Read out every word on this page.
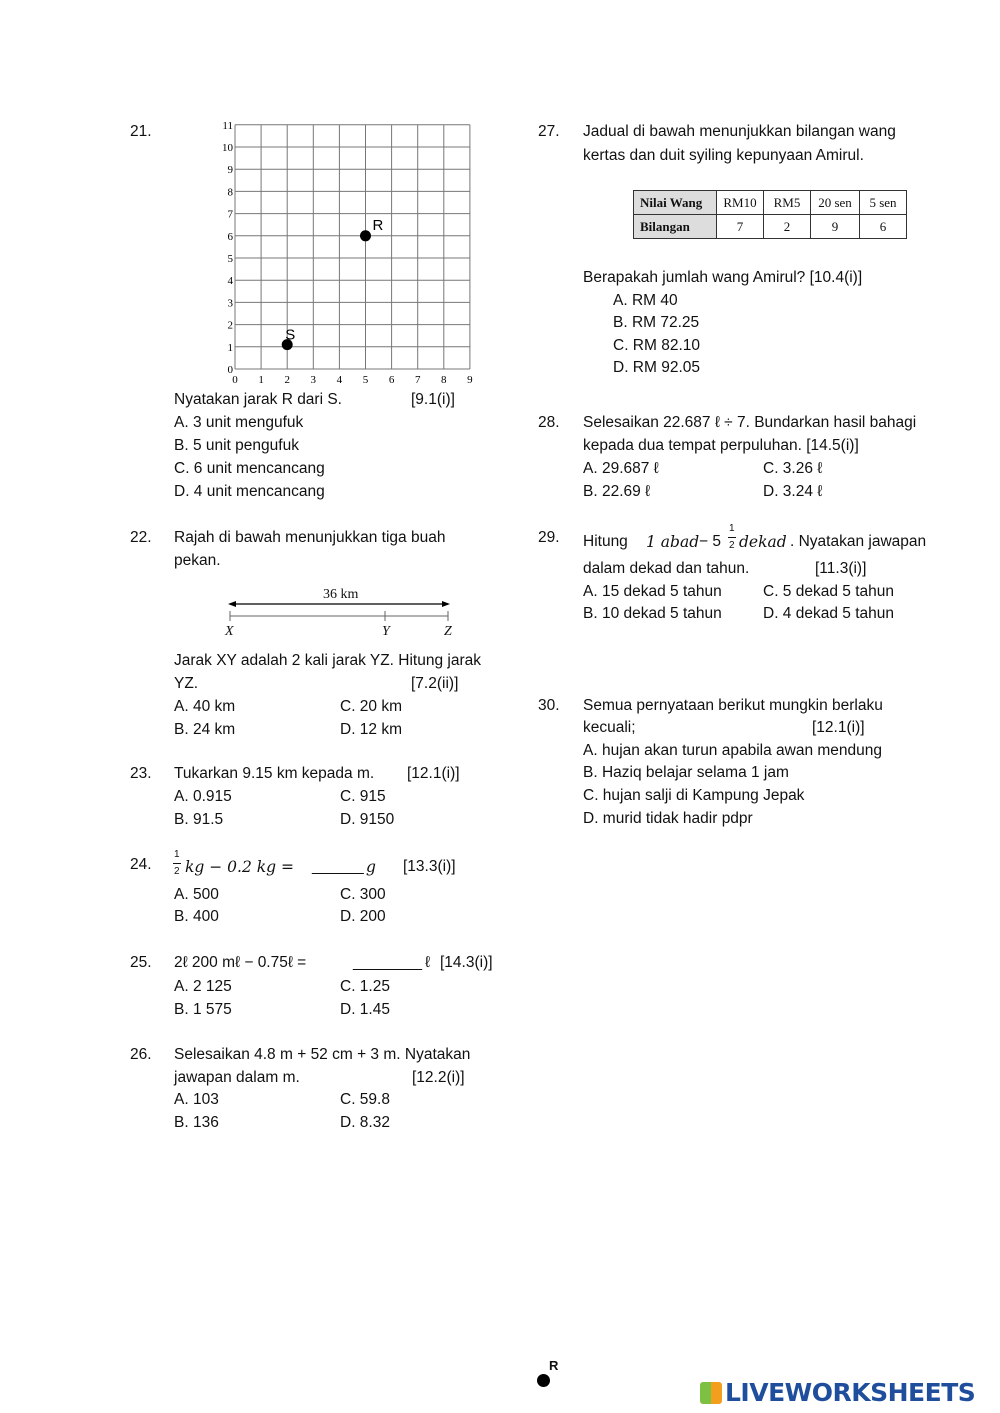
21.
0 1 2 3 4 5 6 7 8 9
0
1
2
3
4
5
6
7
8
9
10
11
R
S
Nyatakan jarak R dari S.	[9.1(i)]
A. 3 unit mengufuk
B. 5 unit pengufuk
C. 6 unit mencancang
D. 4 unit mencancang
22. Rajah di bawah menunjukkan tiga buah
pekan.
36 km
X	Y	Z
Jarak XY adalah 2 kali jarak YZ. Hitung jarak
YZ.	[7.2(ii)]
A. 40 km	C. 20 km
B. 24 km	D. 12 km
23. Tukarkan 9.15 km kepada m. [12.1(i)]
A. 0.915	C. 915
B. 91.5	D. 9150
24.
1
2 kg − 0.2 kg = ______ g [13.3(i)]
A. 500	C. 300
B. 400	D. 200
25. 2ℓ 200 mℓ − 0.75ℓ =	________ ℓ [14.3(i)]
A. 2 125	C. 1.25
B. 1 575	D. 1.45
26. Selesaikan 4.8 m + 52 cm + 3 m. Nyatakan
jawapan dalam m.	[12.2(i)]
A. 103	C. 59.8
B. 136	D. 8.32
27. Jadual di bawah menunjukkan bilangan wang
kertas dan duit syiling kepunyaan Amirul.
Nilai Wang	RM10	RM5	20 sen	5 sen
Bilangan	7	2	9	6
Berapakah jumlah wang Amirul? [10.4(i)]
A. RM 40
B. RM 72.25
C. RM 82.10
D. RM 92.05
28. Selesaikan 22.687 ℓ ÷ 7. Bundarkan hasil bahagi
kepada dua tempat perpuluhan. [14.5(i)]
A. 29.687 ℓ	C. 3.26 ℓ
B. 22.69 ℓ	D. 3.24 ℓ
29. Hitung 1 abad − 5
1
2 dekad . Nyatakan jawapan
dalam dekad dan tahun.	[11.3(i)]
A. 15 dekad 5 tahun	C. 5 dekad 5 tahun
B. 10 dekad 5 tahun	D. 4 dekad 5 tahun
30. Semua pernyataan berikut mungkin berlaku
kecuali;	[12.1(i)]
A. hujan akan turun apabila awan mendung
B. Haziq belajar selama 1 jam
C. hujan salji di Kampung Jepak
D. murid tidak hadir pdpr
R
LIVEWORKSHEETS
